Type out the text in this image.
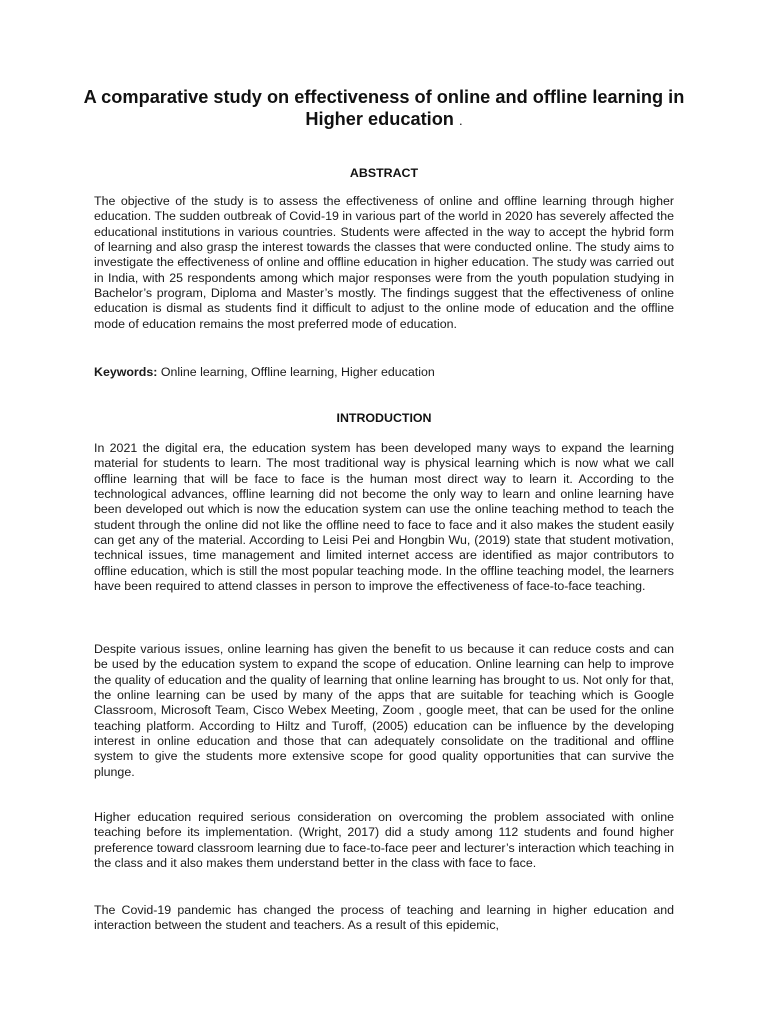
A comparative study on effectiveness of online and offline learning in Higher education .
ABSTRACT

The objective of the study is to assess the effectiveness of online and offline learning through higher education. The sudden outbreak of Covid-19 in various part of the world in 2020 has severely affected the educational institutions in various countries. Students were affected in the way to accept the hybrid form of learning and also grasp the interest towards the classes that were conducted online. The study aims to investigate the effectiveness of online and offline education in higher education. The study was carried out in India, with 25 respondents among which major responses were from the youth population studying in Bachelor’s program, Diploma and Master’s mostly. The findings suggest that the effectiveness of online education is dismal as students find it difficult to adjust to the online mode of education and the offline mode of education remains the most preferred mode of education.

Keywords: Online learning, Offline learning, Higher education
INTRODUCTION

In 2021 the digital era, the education system has been developed many ways to expand the learning material for students to learn. The most traditional way is physical learning which is now what we call offline learning that will be face to face is the human most direct way to learn it. According to the technological advances, offline learning did not become the only way to learn and online learning have been developed out which is now the education system can use the online teaching method to teach the student through the online did not like the offline need to face to face and it also makes the student easily can get any of the material. According to Leisi Pei and Hongbin Wu, (2019) state that student motivation, technical issues, time management and limited internet access are identified as major contributors to offline education, which is still the most popular teaching mode. In the offline teaching model, the learners have been required to attend classes in person to improve the effectiveness of face-to-face teaching.

Despite various issues, online learning has given the benefit to us because it can reduce costs and can be used by the education system to expand the scope of education. Online learning can help to improve the quality of education and the quality of learning that online learning has brought to us. Not only for that, the online learning can be used by many of the apps that are suitable for teaching which is Google Classroom, Microsoft Team, Cisco Webex Meeting, Zoom , google meet, that can be used for the online teaching platform. According to Hiltz and Turoff, (2005) education can be influence by the developing interest in online education and those that can adequately consolidate on the traditional and offline system to give the students more extensive scope for good quality opportunities that can survive the plunge.

Higher education required serious consideration on overcoming the problem associated with online teaching before its implementation. (Wright, 2017) did a study among 112 students and found higher preference toward classroom learning due to face-to-face peer and lecturer’s interaction which teaching in the class and it also makes them understand better in the class with face to face.

The Covid-19 pandemic has changed the process of teaching and learning in higher education and interaction between the student and teachers. As a result of this epidemic,
